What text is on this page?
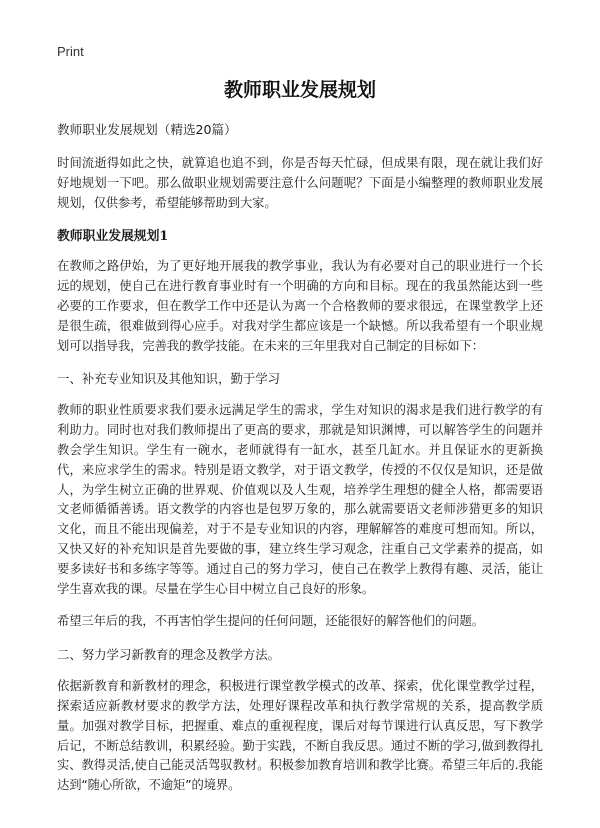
Print
教师职业发展规划
教师职业发展规划（精选20篇）

时间流逝得如此之快，就算追也追不到，你是否每天忙碌，但成果有限，现在就让我们好好地规划一下吧。那么做职业规划需要注意什么问题呢？下面是小编整理的教师职业发展规划，仅供参考，希望能够帮助到大家。

教师职业发展规划1

在教师之路伊始，为了更好地开展我的教学事业，我认为有必要对自己的职业进行一个长远的规划，使自己在进行教育事业时有一个明确的方向和目标。现在的我虽然能达到一些必要的工作要求，但在教学工作中还是认为离一个合格教师的要求很远，在课堂教学上还是很生疏，很难做到得心应手。对我对学生都应该是一个缺憾。所以我希望有一个职业规划可以指导我，完善我的教学技能。在未来的三年里我对自己制定的目标如下：

一、补充专业知识及其他知识，勤于学习

教师的职业性质要求我们要永远满足学生的需求，学生对知识的渴求是我们进行教学的有利助力。同时也对我们教师提出了更高的要求，那就是知识渊博，可以解答学生的问题并教会学生知识。学生有一碗水，老师就得有一缸水，甚至几缸水。并且保证水的更新换代，来应求学生的需求。特别是语文教学，对于语文教学，传授的不仅仅是知识，还是做人，为学生树立正确的世界观、价值观以及人生观，培养学生理想的健全人格，都需要语文老师循循善诱。语文教学的内容也是包罗万象的，那么就需要语文老师涉猎更多的知识文化，而且不能出现偏差，对于不是专业知识的内容，理解解答的难度可想而知。所以，又快又好的补充知识是首先要做的事，建立终生学习观念，注重自己文学素养的提高，如要多读好书和多练字等等。通过自己的努力学习，使自己在教学上教得有趣、灵活，能让学生喜欢我的课。尽量在学生心目中树立自己良好的形象。

希望三年后的我，不再害怕学生提问的任何问题，还能很好的解答他们的问题。

二、努力学习新教育的理念及教学方法。

依据新教育和新教材的理念，积极进行课堂教学模式的改革、探索，优化课堂教学过程，探索适应新教材要求的教学方法，处理好课程改革和执行教学常规的关系，提高教学质量。加强对教学目标，把握重、难点的重视程度，课后对每节课进行认真反思，写下教学后记，不断总结教训，积累经验。勤于实践，不断自我反思。通过不断的学习,做到教得扎实、教得灵活,使自己能灵活驾驭教材。积极参加教育培训和教学比赛。希望三年后的.我能达到“随心所欲，不逾矩”的境界。
